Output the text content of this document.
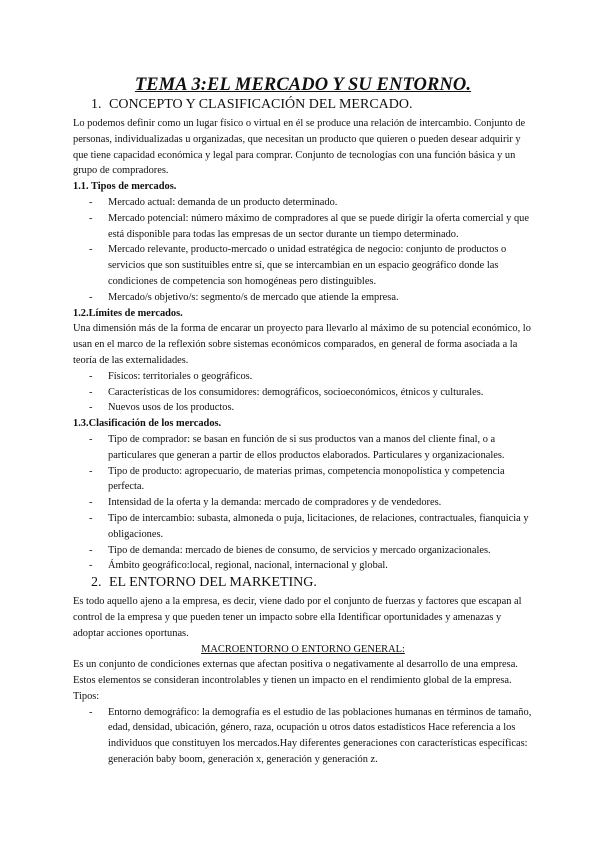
TEMA 3:EL MERCADO Y SU ENTORNO.
1. CONCEPTO Y CLASIFICACIÓN DEL MERCADO.

Lo podemos definir como un lugar físico o virtual en él se produce una relación de intercambio. Conjunto de personas, individualizadas u organizadas, que necesitan un producto que quieren o pueden desear adquirir y que tiene capacidad económica y legal para comprar. Conjunto de tecnologías con una función básica y un grupo de compradores.

1.1. Tipos de mercados.
- Mercado actual: demanda de un producto determinado.
- Mercado potencial: número máximo de compradores al que se puede dirigir la oferta comercial y que está disponible para todas las empresas de un sector durante un tiempo determinado.
- Mercado relevante, producto-mercado o unidad estratégica de negocio: conjunto de productos o servicios que son sustituibles entre sí, que se intercambian en un espacio geográfico donde las condiciones de competencia son homogéneas pero distinguibles.
- Mercado/s objetivo/s: segmento/s de mercado que atiende la empresa.
1.2.Límites de mercados.

Una dimensión más de la forma de encarar un proyecto para llevarlo al máximo de su potencial económico, lo usan en el marco de la reflexión sobre sistemas económicos comparados, en general de forma asociada a la teoría de las externalidades.

- Físicos: territoriales o geográficos.
- Características de los consumidores: demográficos, socioeconómicos, étnicos y culturales.
- Nuevos usos de los productos.
1.3.Clasificación de los mercados.
- Tipo de comprador: se basan en función de si sus productos van a manos del cliente final, o a particulares que generan a partir de ellos productos elaborados. Particulares y organizacionales.
- Tipo de producto: agropecuario, de materias primas, competencia monopolística y competencia perfecta.
- Intensidad de la oferta y la demanda: mercado de compradores y de vendedores.
- Tipo de intercambio: subasta, almoneda o puja, licitaciones, de relaciones, contractuales, fianquicia y obligaciones.
- Tipo de demanda: mercado de bienes de consumo, de servicios y mercado organizacionales.
- Ámbito geográfico:local, regional, nacional, internacional y global.
2. EL ENTORNO DEL MARKETING.

Es todo aquello ajeno a la empresa, es decir, viene dado por el conjunto de fuerzas y factores que escapan al control de la empresa y que pueden tener un impacto sobre ella Identificar oportunidades y amenazas y adoptar acciones oportunas.

MACROENTORNO O ENTORNO GENERAL:

Es un conjunto de condiciones externas que afectan positiva o negativamente al desarrollo de una empresa. Estos elementos se consideran incontrolables y tienen un impacto en el rendimiento global de la empresa. Tipos:

- Entorno demográfico: la demografía es el estudio de las poblaciones humanas en términos de tamaño, edad, densidad, ubicación, género, raza, ocupación u otros datos estadísticos Hace referencia a los individuos que constituyen los mercados.Hay diferentes generaciones con características específicas: generación baby boom, generación x, generación y generación z.
